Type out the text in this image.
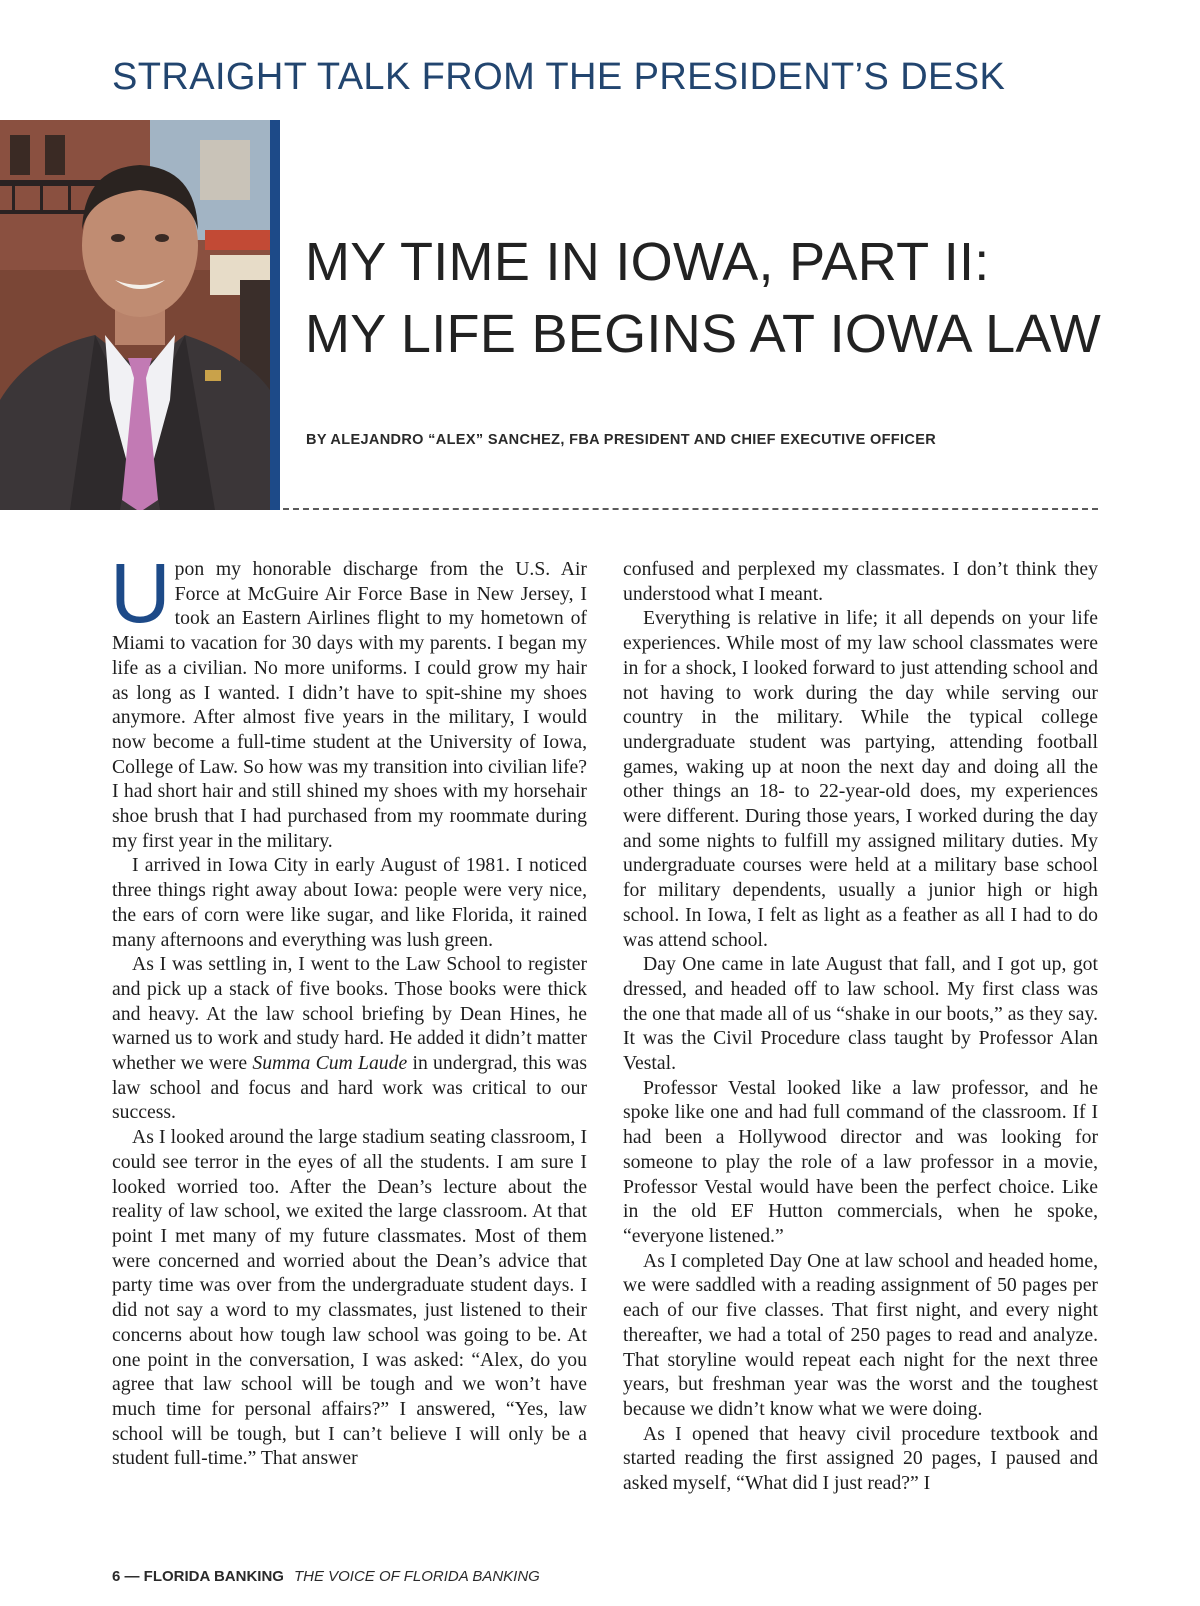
STRAIGHT TALK FROM THE PRESIDENT’S DESK
MY TIME IN IOWA, PART II:
MY LIFE BEGINS AT IOWA LAW
BY ALEJANDRO “ALEX” SANCHEZ, FBA PRESIDENT AND CHIEF EXECUTIVE OFFICER

Upon my honorable discharge from the U.S. Air Force at McGuire Air Force Base in New Jersey, I took an Eastern Airlines flight to my hometown of Miami to vacation for 30 days with my parents. I began my life as a civilian. No more uniforms. I could grow my hair as long as I wanted. I didn’t have to spit-shine my shoes anymore. After almost five years in the military, I would now become a full-time student at the University of Iowa, College of Law. So how was my transition into civilian life? I had short hair and still shined my shoes with my horsehair shoe brush that I had purchased from my roommate during my first year in the military.

I arrived in Iowa City in early August of 1981. I noticed three things right away about Iowa: people were very nice, the ears of corn were like sugar, and like Florida, it rained many afternoons and everything was lush green.

As I was settling in, I went to the Law School to register and pick up a stack of five books. Those books were thick and heavy. At the law school briefing by Dean Hines, he warned us to work and study hard. He added it didn’t matter whether we were Summa Cum Laude in undergrad, this was law school and focus and hard work was critical to our success.

As I looked around the large stadium seating classroom, I could see terror in the eyes of all the students. I am sure I looked worried too. After the Dean’s lecture about the reality of law school, we exited the large classroom. At that point I met many of my future classmates. Most of them were concerned and worried about the Dean’s advice that party time was over from the undergraduate student days. I did not say a word to my classmates, just listened to their concerns about how tough law school was going to be. At one point in the conversation, I was asked: “Alex, do you agree that law school will be tough and we won’t have much time for personal affairs?” I answered, “Yes, law school will be tough, but I can’t believe I will only be a student full-time.” That answer

confused and perplexed my classmates. I don’t think they understood what I meant.

Everything is relative in life; it all depends on your life experiences. While most of my law school classmates were in for a shock, I looked forward to just attending school and not having to work during the day while serving our country in the military. While the typical college undergraduate student was partying, attending football games, waking up at noon the next day and doing all the other things an 18- to 22-year-old does, my experiences were different. During those years, I worked during the day and some nights to fulfill my assigned military duties. My undergraduate courses were held at a military base school for military dependents, usually a junior high or high school. In Iowa, I felt as light as a feather as all I had to do was attend school.

Day One came in late August that fall, and I got up, got dressed, and headed off to law school. My first class was the one that made all of us “shake in our boots,” as they say. It was the Civil Procedure class taught by Professor Alan Vestal.

Professor Vestal looked like a law professor, and he spoke like one and had full command of the classroom. If I had been a Hollywood director and was looking for someone to play the role of a law professor in a movie, Professor Vestal would have been the perfect choice. Like in the old EF Hutton commercials, when he spoke, “everyone listened.”

As I completed Day One at law school and headed home, we were saddled with a reading assignment of 50 pages per each of our five classes. That first night, and every night thereafter, we had a total of 250 pages to read and analyze. That storyline would repeat each night for the next three years, but freshman year was the worst and the toughest because we didn’t know what we were doing.

As I opened that heavy civil procedure textbook and started reading the first assigned 20 pages, I paused and asked myself, “What did I just read?” I

6 — FLORIDA BANKING THE VOICE OF FLORIDA BANKING
